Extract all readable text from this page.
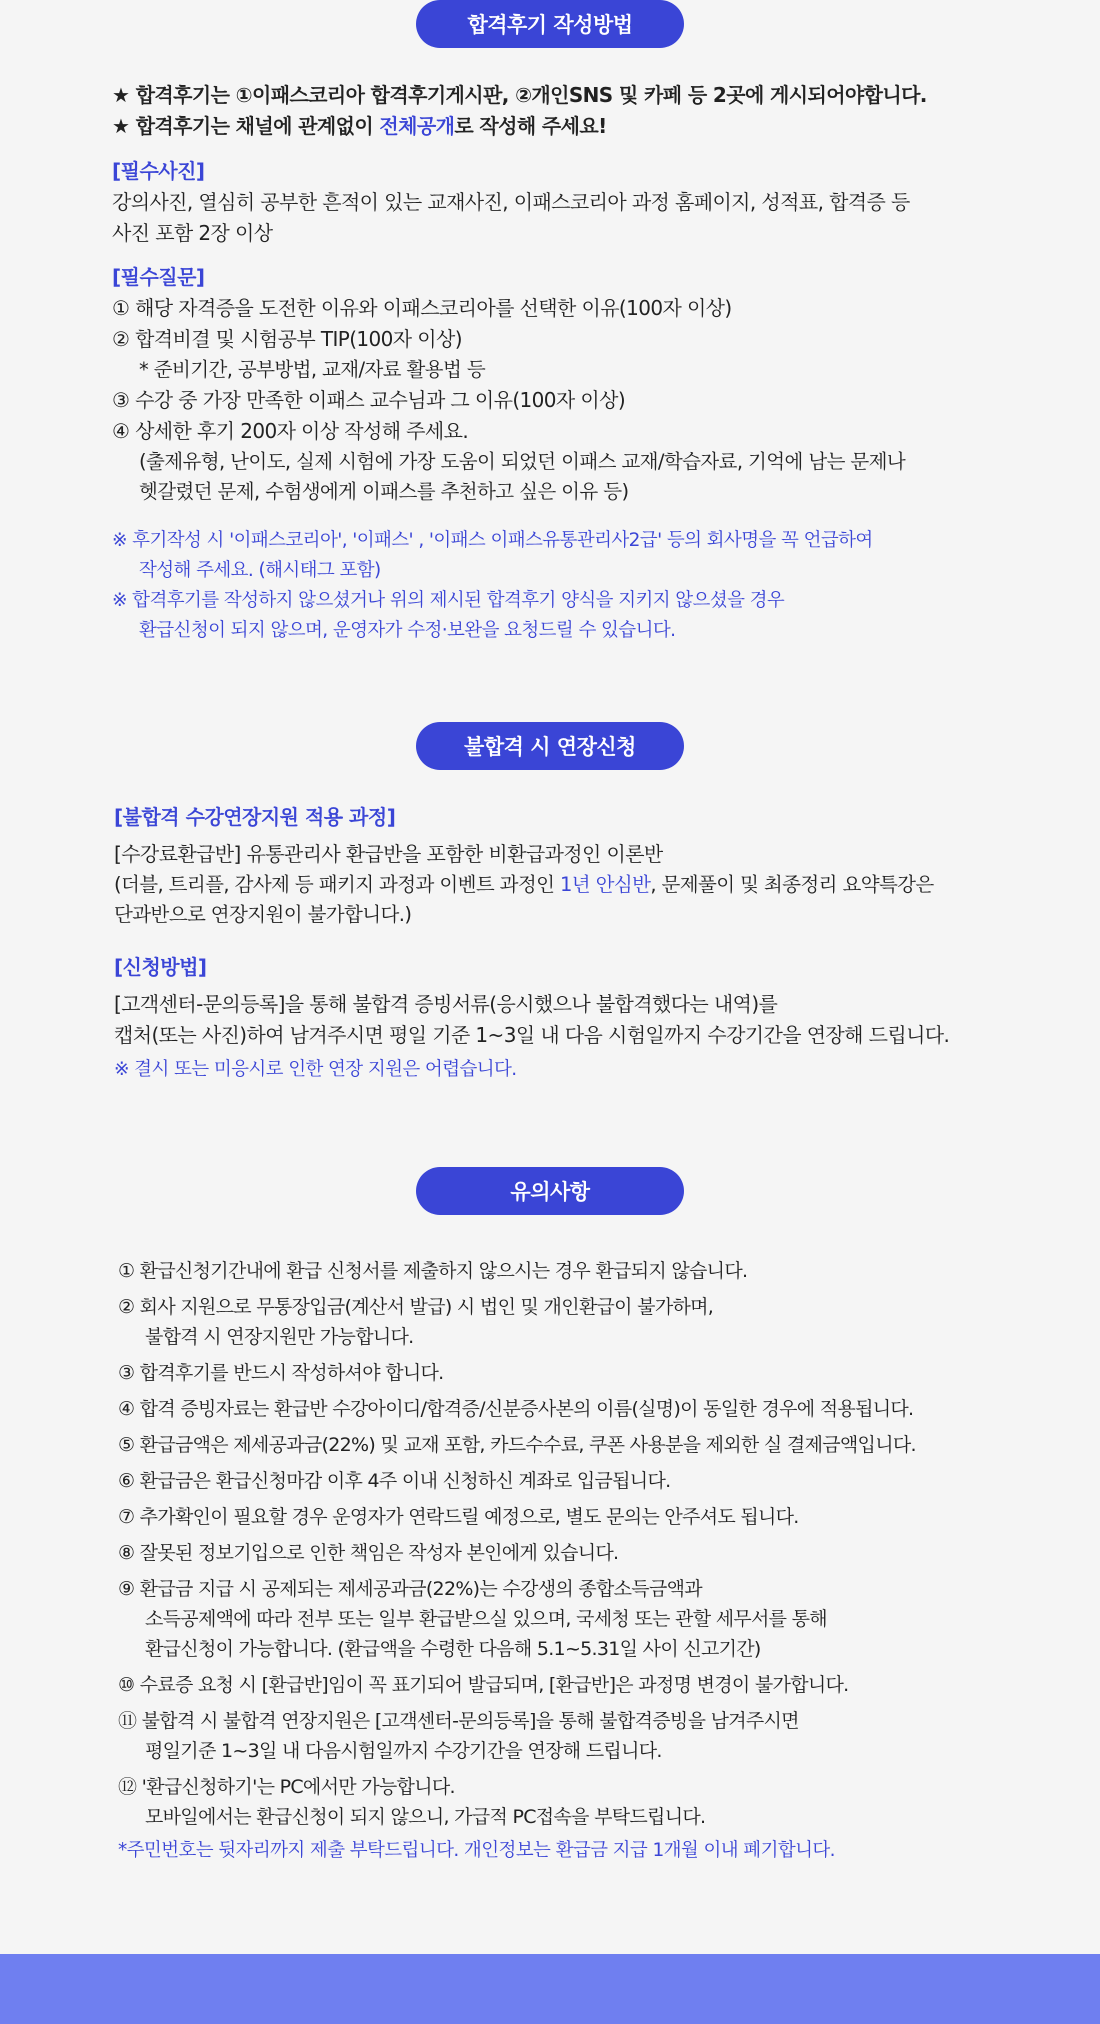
합격후기 작성방법
★ 합격후기는 ①이패스코리아 합격후기게시판, ②개인SNS 및 카페 등 2곳에 게시되어야합니다.
★ 합격후기는 채널에 관계없이 전체공개로 작성해 주세요!
[필수사진]
강의사진, 열심히 공부한 흔적이 있는 교재사진, 이패스코리아 과정 홈페이지, 성적표, 합격증 등
사진 포함 2장 이상
[필수질문]
① 해당 자격증을 도전한 이유와 이패스코리아를 선택한 이유(100자 이상)
② 합격비결 및 시험공부 TIP(100자 이상)
* 준비기간, 공부방법, 교재/자료 활용법 등
③ 수강 중 가장 만족한 이패스 교수님과 그 이유(100자 이상)
④ 상세한 후기 200자 이상 작성해 주세요.
(출제유형, 난이도, 실제 시험에 가장 도움이 되었던 이패스 교재/학습자료, 기억에 남는 문제나
헷갈렸던 문제, 수험생에게 이패스를 추천하고 싶은 이유 등)
※ 후기작성 시 '이패스코리아', '이패스' , '이패스 이패스유통관리사2급' 등의 회사명을 꼭 언급하여
작성해 주세요. (해시태그 포함)
※ 합격후기를 작성하지 않으셨거나 위의 제시된 합격후기 양식을 지키지 않으셨을 경우
환급신청이 되지 않으며, 운영자가 수정·보완을 요청드릴 수 있습니다.
불합격 시 연장신청
[불합격 수강연장지원 적용 과정]
[수강료환급반] 유통관리사 환급반을 포함한 비환급과정인 이론반
(더블, 트리플, 감사제 등 패키지 과정과 이벤트 과정인 1년 안심반, 문제풀이 및 최종정리 요약특강은
단과반으로 연장지원이 불가합니다.)
[신청방법]
[고객센터-문의등록]을 통해 불합격 증빙서류(응시했으나 불합격했다는 내역)를
캡처(또는 사진)하여 남겨주시면 평일 기준 1~3일 내 다음 시험일까지 수강기간을 연장해 드립니다.
※ 결시 또는 미응시로 인한 연장 지원은 어렵습니다.
유의사항
① 환급신청기간내에 환급 신청서를 제출하지 않으시는 경우 환급되지 않습니다.
② 회사 지원으로 무통장입금(계산서 발급) 시 법인 및 개인환급이 불가하며,
불합격 시 연장지원만 가능합니다.
③ 합격후기를 반드시 작성하셔야 합니다.
④ 합격 증빙자료는 환급반 수강아이디/합격증/신분증사본의 이름(실명)이 동일한 경우에 적용됩니다.
⑤ 환급금액은 제세공과금(22%) 및 교재 포함, 카드수수료, 쿠폰 사용분을 제외한 실 결제금액입니다.
⑥ 환급금은 환급신청마감 이후 4주 이내 신청하신 계좌로 입금됩니다.
⑦ 추가확인이 필요할 경우 운영자가 연락드릴 예정으로, 별도 문의는 안주셔도 됩니다.
⑧ 잘못된 정보기입으로 인한 책임은 작성자 본인에게 있습니다.
⑨ 환급금 지급 시 공제되는 제세공과금(22%)는 수강생의 종합소득금액과
소득공제액에 따라 전부 또는 일부 환급받으실 있으며, 국세청 또는 관할 세무서를 통해
환급신청이 가능합니다. (환급액을 수령한 다음해 5.1~5.31일 사이 신고기간)
⑩ 수료증 요청 시 [환급반]임이 꼭 표기되어 발급되며, [환급반]은 과정명 변경이 불가합니다.
⑪ 불합격 시 불합격 연장지원은 [고객센터-문의등록]을 통해 불합격증빙을 남겨주시면
평일기준 1~3일 내 다음시험일까지 수강기간을 연장해 드립니다.
⑫ '환급신청하기'는 PC에서만 가능합니다.
모바일에서는 환급신청이 되지 않으니, 가급적 PC접속을 부탁드립니다.
*주민번호는 뒷자리까지 제출 부탁드립니다. 개인정보는 환급금 지급 1개월 이내 폐기합니다.
